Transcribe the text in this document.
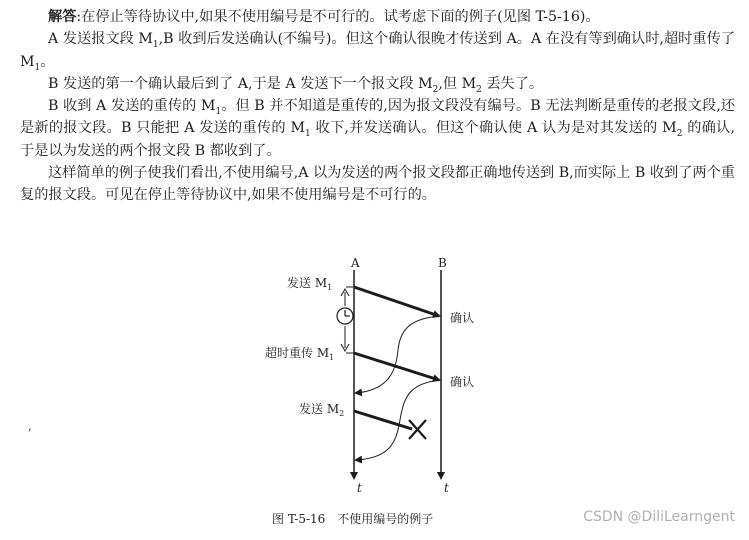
解答:在停止等待协议中,如果不使用编号是不可行的。试考虑下面的例子(见图 T-5-16)。

A 发送报文段 $M_1,B$ 收到后发送确认(不编号)。但这个确认很晚才传送到 A。A 在没有等到确认时,超时重传了 $M_1$。

B 发送的第一个确认最后到了 A,于是 A 发送下一个报文段 $M_2$,但 $M_2$ 丢失了。

B 收到 A 发送的重传的 $M_1$。但 B 并不知道是重传的,因为报文段没有编号。B 无法判断是重传的老报文段,还是新的报文段。B 只能把 A 发送的重传的 $M_1$ 收下,并发送确认。但这个确认使 A 认为是对其发送的 $M_2$ 的确认,于是以为发送的两个报文段 B 都收到了。

这样简单的例子使我们看出,不使用编号,A 以为发送的两个报文段都正确地传送到 B,而实际上 B 收到了两个重复的报文段。可见在停止等待协议中,如果不使用编号是不可行的。

,
A	B
t	t
发送 $M_1$
超时重传 $M_1$
发送 $M_2$
确认
确认
图 T-5-16　不使用编号的例子	CSDN @DiliLearngent
